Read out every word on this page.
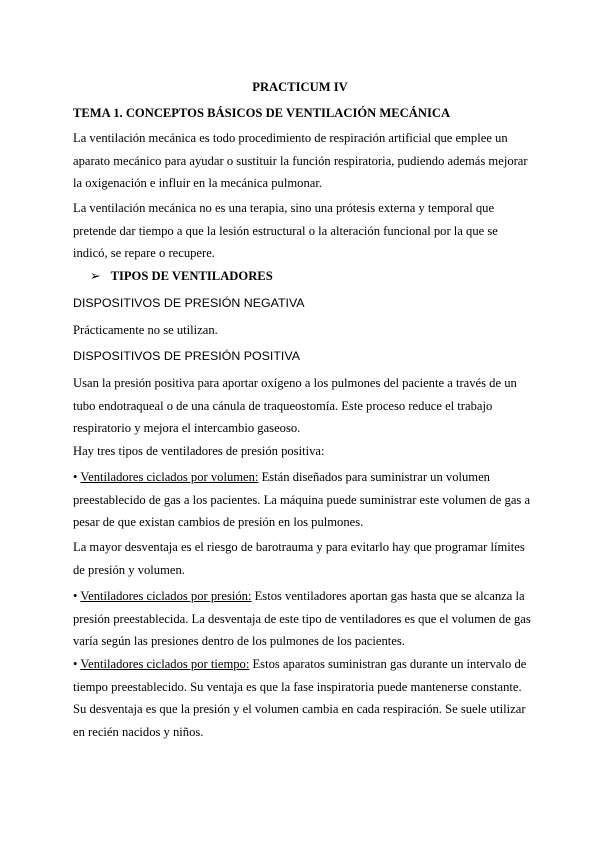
PRACTICUM IV

TEMA 1. CONCEPTOS BÁSICOS DE VENTILACIÓN MECÁNICA

La ventilación mecánica es todo procedimiento de respiración artificial que emplee un aparato mecánico para ayudar o sustituir la función respiratoria, pudiendo además mejorar la oxigenación e influir en la mecánica pulmonar.

La ventilación mecánica no es una terapia, sino una prótesis externa y temporal que pretende dar tiempo a que la lesión estructural o la alteración funcional por la que se indicó, se repare o recupere.

➢ TIPOS DE VENTILADORES

DISPOSITIVOS DE PRESIÓN NEGATIVA

Prácticamente no se utilizan.

DISPOSITIVOS DE PRESIÓN POSITIVA

Usan la presión positiva para aportar oxígeno a los pulmones del paciente a través de un tubo endotraqueal o de una cánula de traqueostomía. Este proceso reduce el trabajo respiratorio y mejora el intercambio gaseoso.

Hay tres tipos de ventiladores de presión positiva:

• Ventiladores ciclados por volumen: Están diseñados para suministrar un volumen preestablecido de gas a los pacientes. La máquina puede suministrar este volumen de gas a pesar de que existan cambios de presión en los pulmones.

La mayor desventaja es el riesgo de barotrauma y para evitarlo hay que programar límites de presión y volumen.

• Ventiladores ciclados por presión: Estos ventiladores aportan gas hasta que se alcanza la presión preestablecida. La desventaja de este tipo de ventiladores es que el volumen de gas varía según las presiones dentro de los pulmones de los pacientes.

• Ventiladores ciclados por tiempo: Estos aparatos suministran gas durante un intervalo de tiempo preestablecido. Su ventaja es que la fase inspiratoria puede mantenerse constante. Su desventaja es que la presión y el volumen cambia en cada respiración. Se suele utilizar en recién nacidos y niños.
